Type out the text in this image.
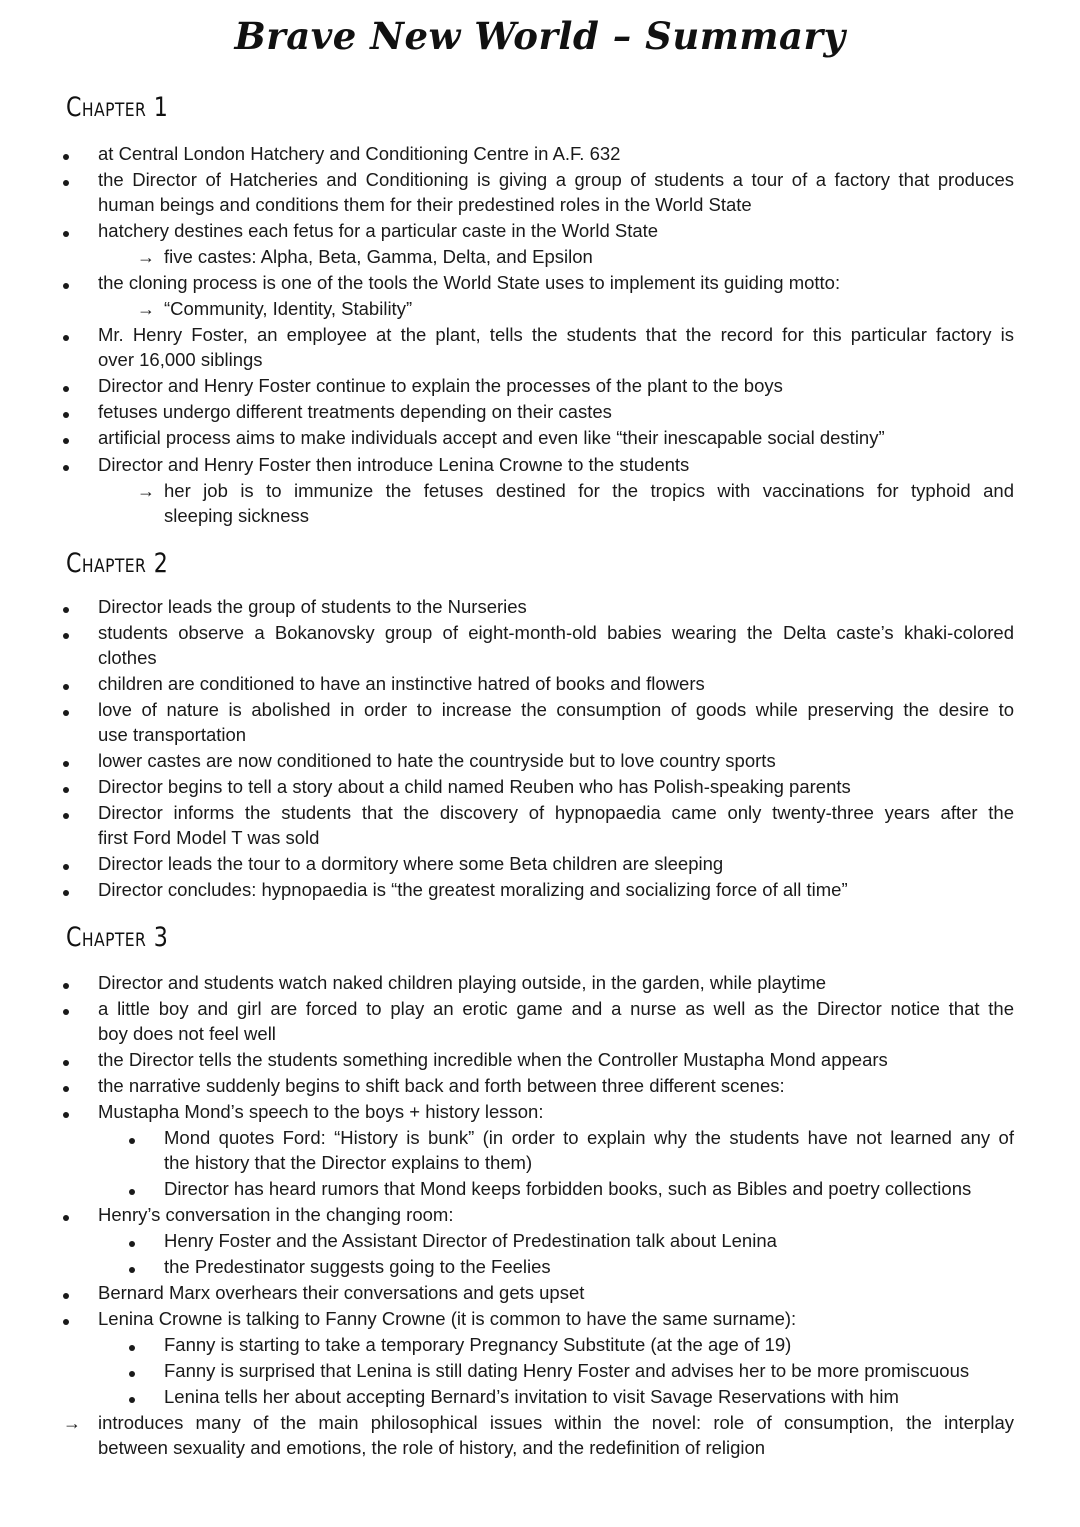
Brave New World – Summary
Chapter 1
at Central London Hatchery and Conditioning Centre in A.F. 632
the Director of Hatcheries and Conditioning is giving a group of students a tour of a factory that produces
human beings and conditions them for their predestined roles in the World State
hatchery destines each fetus for a particular caste in the World State
→ five castes: Alpha, Beta, Gamma, Delta, and Epsilon
the cloning process is one of the tools the World State uses to implement its guiding motto:
→ “Community, Identity, Stability”
Mr. Henry Foster, an employee at the plant, tells the students that the record for this particular factory is
over 16,000 siblings
Director and Henry Foster continue to explain the processes of the plant to the boys
fetuses undergo different treatments depending on their castes
artificial process aims to make individuals accept and even like “their inescapable social destiny”
Director and Henry Foster then introduce Lenina Crowne to the students
→ her job is to immunize the fetuses destined for the tropics with vaccinations for typhoid and
sleeping sickness
Chapter 2
Director leads the group of students to the Nurseries
students observe a Bokanovsky group of eight-month-old babies wearing the Delta caste’s khaki-colored
clothes
children are conditioned to have an instinctive hatred of books and flowers
love of nature is abolished in order to increase the consumption of goods while preserving the desire to
use transportation
lower castes are now conditioned to hate the countryside but to love country sports
Director begins to tell a story about a child named Reuben who has Polish-speaking parents
Director informs the students that the discovery of hypnopaedia came only twenty-three years after the
first Ford Model T was sold
Director leads the tour to a dormitory where some Beta children are sleeping
Director concludes: hypnopaedia is “the greatest moralizing and socializing force of all time”
Chapter 3
Director and students watch naked children playing outside, in the garden, while playtime
a little boy and girl are forced to play an erotic game and a nurse as well as the Director notice that the
boy does not feel well
the Director tells the students something incredible when the Controller Mustapha Mond appears
the narrative suddenly begins to shift back and forth between three different scenes:
Mustapha Mond’s speech to the boys + history lesson:
Mond quotes Ford: “History is bunk” (in order to explain why the students have not learned any of
the history that the Director explains to them)
Director has heard rumors that Mond keeps forbidden books, such as Bibles and poetry collections
Henry’s conversation in the changing room:
Henry Foster and the Assistant Director of Predestination talk about Lenina
the Predestinator suggests going to the Feelies
Bernard Marx overhears their conversations and gets upset
Lenina Crowne is talking to Fanny Crowne (it is common to have the same surname):
Fanny is starting to take a temporary Pregnancy Substitute (at the age of 19)
Fanny is surprised that Lenina is still dating Henry Foster and advises her to be more promiscuous
Lenina tells her about accepting Bernard’s invitation to visit Savage Reservations with him
→ introduces many of the main philosophical issues within the novel: role of consumption, the interplay
between sexuality and emotions, the role of history, and the redefinition of religion
